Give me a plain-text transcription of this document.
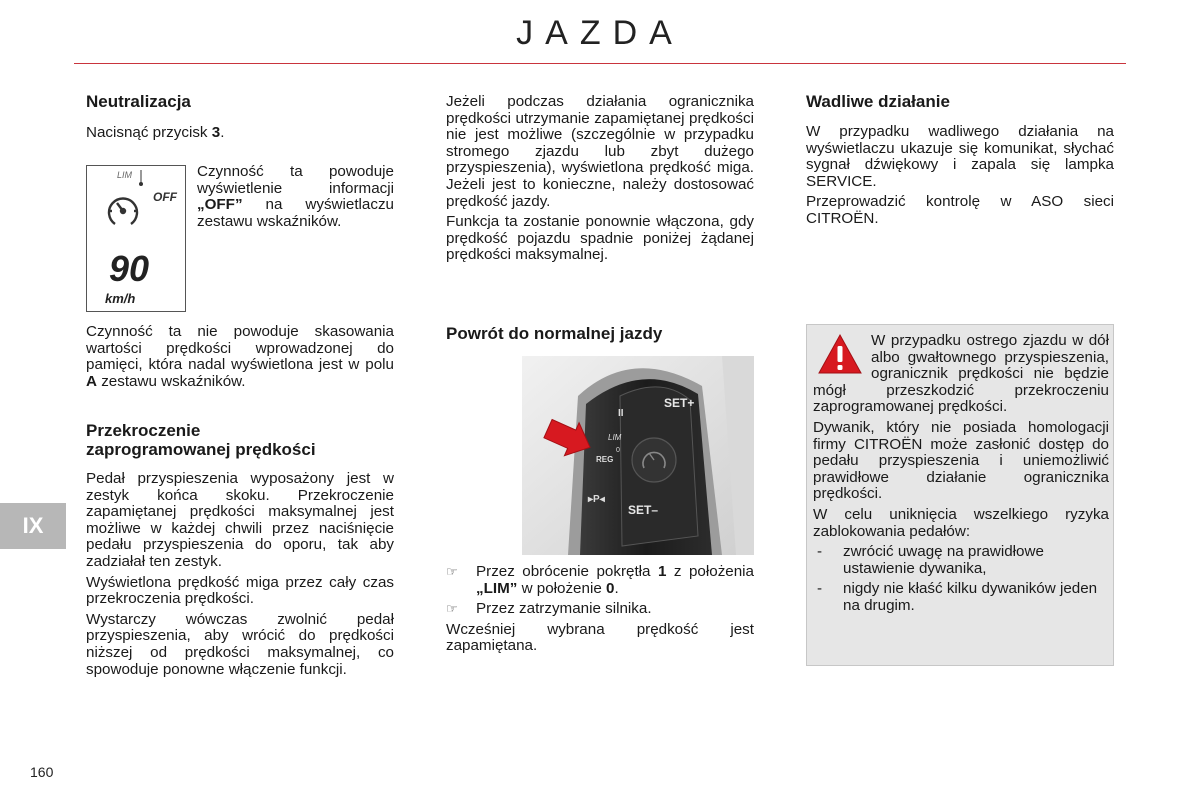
JAZDA
IX
160
Neutralizacja
Nacisnąć przycisk 3.
LIM
OFF
90
km/h
Czynność ta powoduje wyświetlenie informacji „OFF” na wyświetlaczu zestawu wskaźników.
Czynność ta nie powoduje skasowania wartości prędkości wprowadzonej do pamięci, która nadal wyświetlona jest w polu A zestawu wskaźników.
Przekroczenie
zaprogramowanej prędkości

Pedał przyspieszenia wyposażony jest w zestyk końca skoku. Przekroczenie zapamiętanej prędkości maksymalnej jest możliwe w każdej chwili przez naciśnięcie pedału przyspieszenia do oporu, tak aby zadziałał ten zestyk.

Wyświetlona prędkość miga przez cały czas przekroczenia prędkości.

Wystarczy wówczas zwolnić pedał przyspieszenia, aby wrócić do prędkości niższej od prędkości maksymalnej, co spowoduje ponowne włączenie funkcji.

Jeżeli podczas działania ogranicznika prędkości utrzymanie zapamiętanej prędkości nie jest możliwe (szczególnie w przypadku stromego zjazdu lub zbyt dużego przyspieszenia), wyświetlona prędkość miga. Jeżeli jest to konieczne, należy dostosować prędkość jazdy.

Funkcja ta zostanie ponownie włączona, gdy prędkość pojazdu spadnie poniżej żądanej prędkości maksymalnej.

Powrót do normalnej jazdy
SET+
SET–
II
LIM
0
REG
▸P◂
☞	Przez obrócenie pokrętła 1 z położenia „LIM” w położenie 0.
☞	Przez zatrzymanie silnika.

Wcześniej wybrana prędkość jest zapamiętana.

Wadliwe działanie

W przypadku wadliwego działania na wyświetlaczu ukazuje się komunikat, słychać sygnał dźwiękowy i zapala się lampka SERVICE.

Przeprowadzić kontrolę w ASO sieci CITROËN.

W przypadku ostrego zjazdu w dół albo gwałtownego przyspieszenia, ogranicznik prędkości nie będzie mógł przeszkodzić przekroczeniu zaprogramowanej prędkości.

Dywanik, który nie posiada homologacji firmy CITROËN może zasłonić dostęp do pedału przyspieszenia i uniemożliwić prawidłowe działanie ogranicznika prędkości.

W celu uniknięcia wszelkiego ryzyka zablokowania pedałów:

-	zwrócić uwagę na prawidłowe ustawienie dywanika,
-	nigdy nie kłaść kilku dywaników jeden na drugim.
